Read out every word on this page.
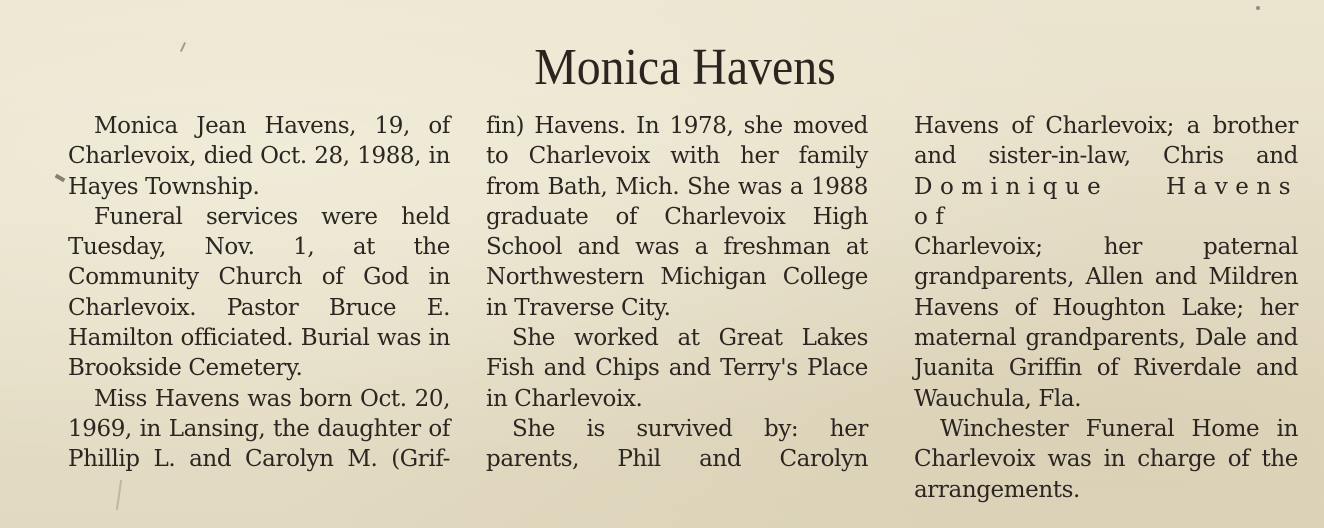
Monica Havens

Monica Jean Havens, 19, of Charlevoix, died Oct. 28, 1988, in Hayes Township.

Funeral services were held Tuesday, Nov. 1, at the Community Church of God in Charlevoix. Pastor Bruce E. Hamilton officiated. Burial was in Brookside Cemetery.

Miss Havens was born Oct. 20, 1969, in Lansing, the daughter of Phillip L. and Carolyn M. (Grif-

fin) Havens. In 1978, she moved to Charlevoix with her family from Bath, Mich. She was a 1988 graduate of Charlevoix High School and was a freshman at Northwestern Michigan College in Traverse City.

She worked at Great Lakes Fish and Chips and Terry's Place in Charlevoix.

She is survived by: her parents, Phil and Carolyn

Havens of Charlevoix; a brother and sister-in-law, Chris and

Dominique Havens of

Charlevoix; her paternal grandparents, Allen and Mildren Havens of Houghton Lake; her maternal grandparents, Dale and Juanita Griffin of Riverdale and Wauchula, Fla.

Winchester Funeral Home in Charlevoix was in charge of the arrangements.
